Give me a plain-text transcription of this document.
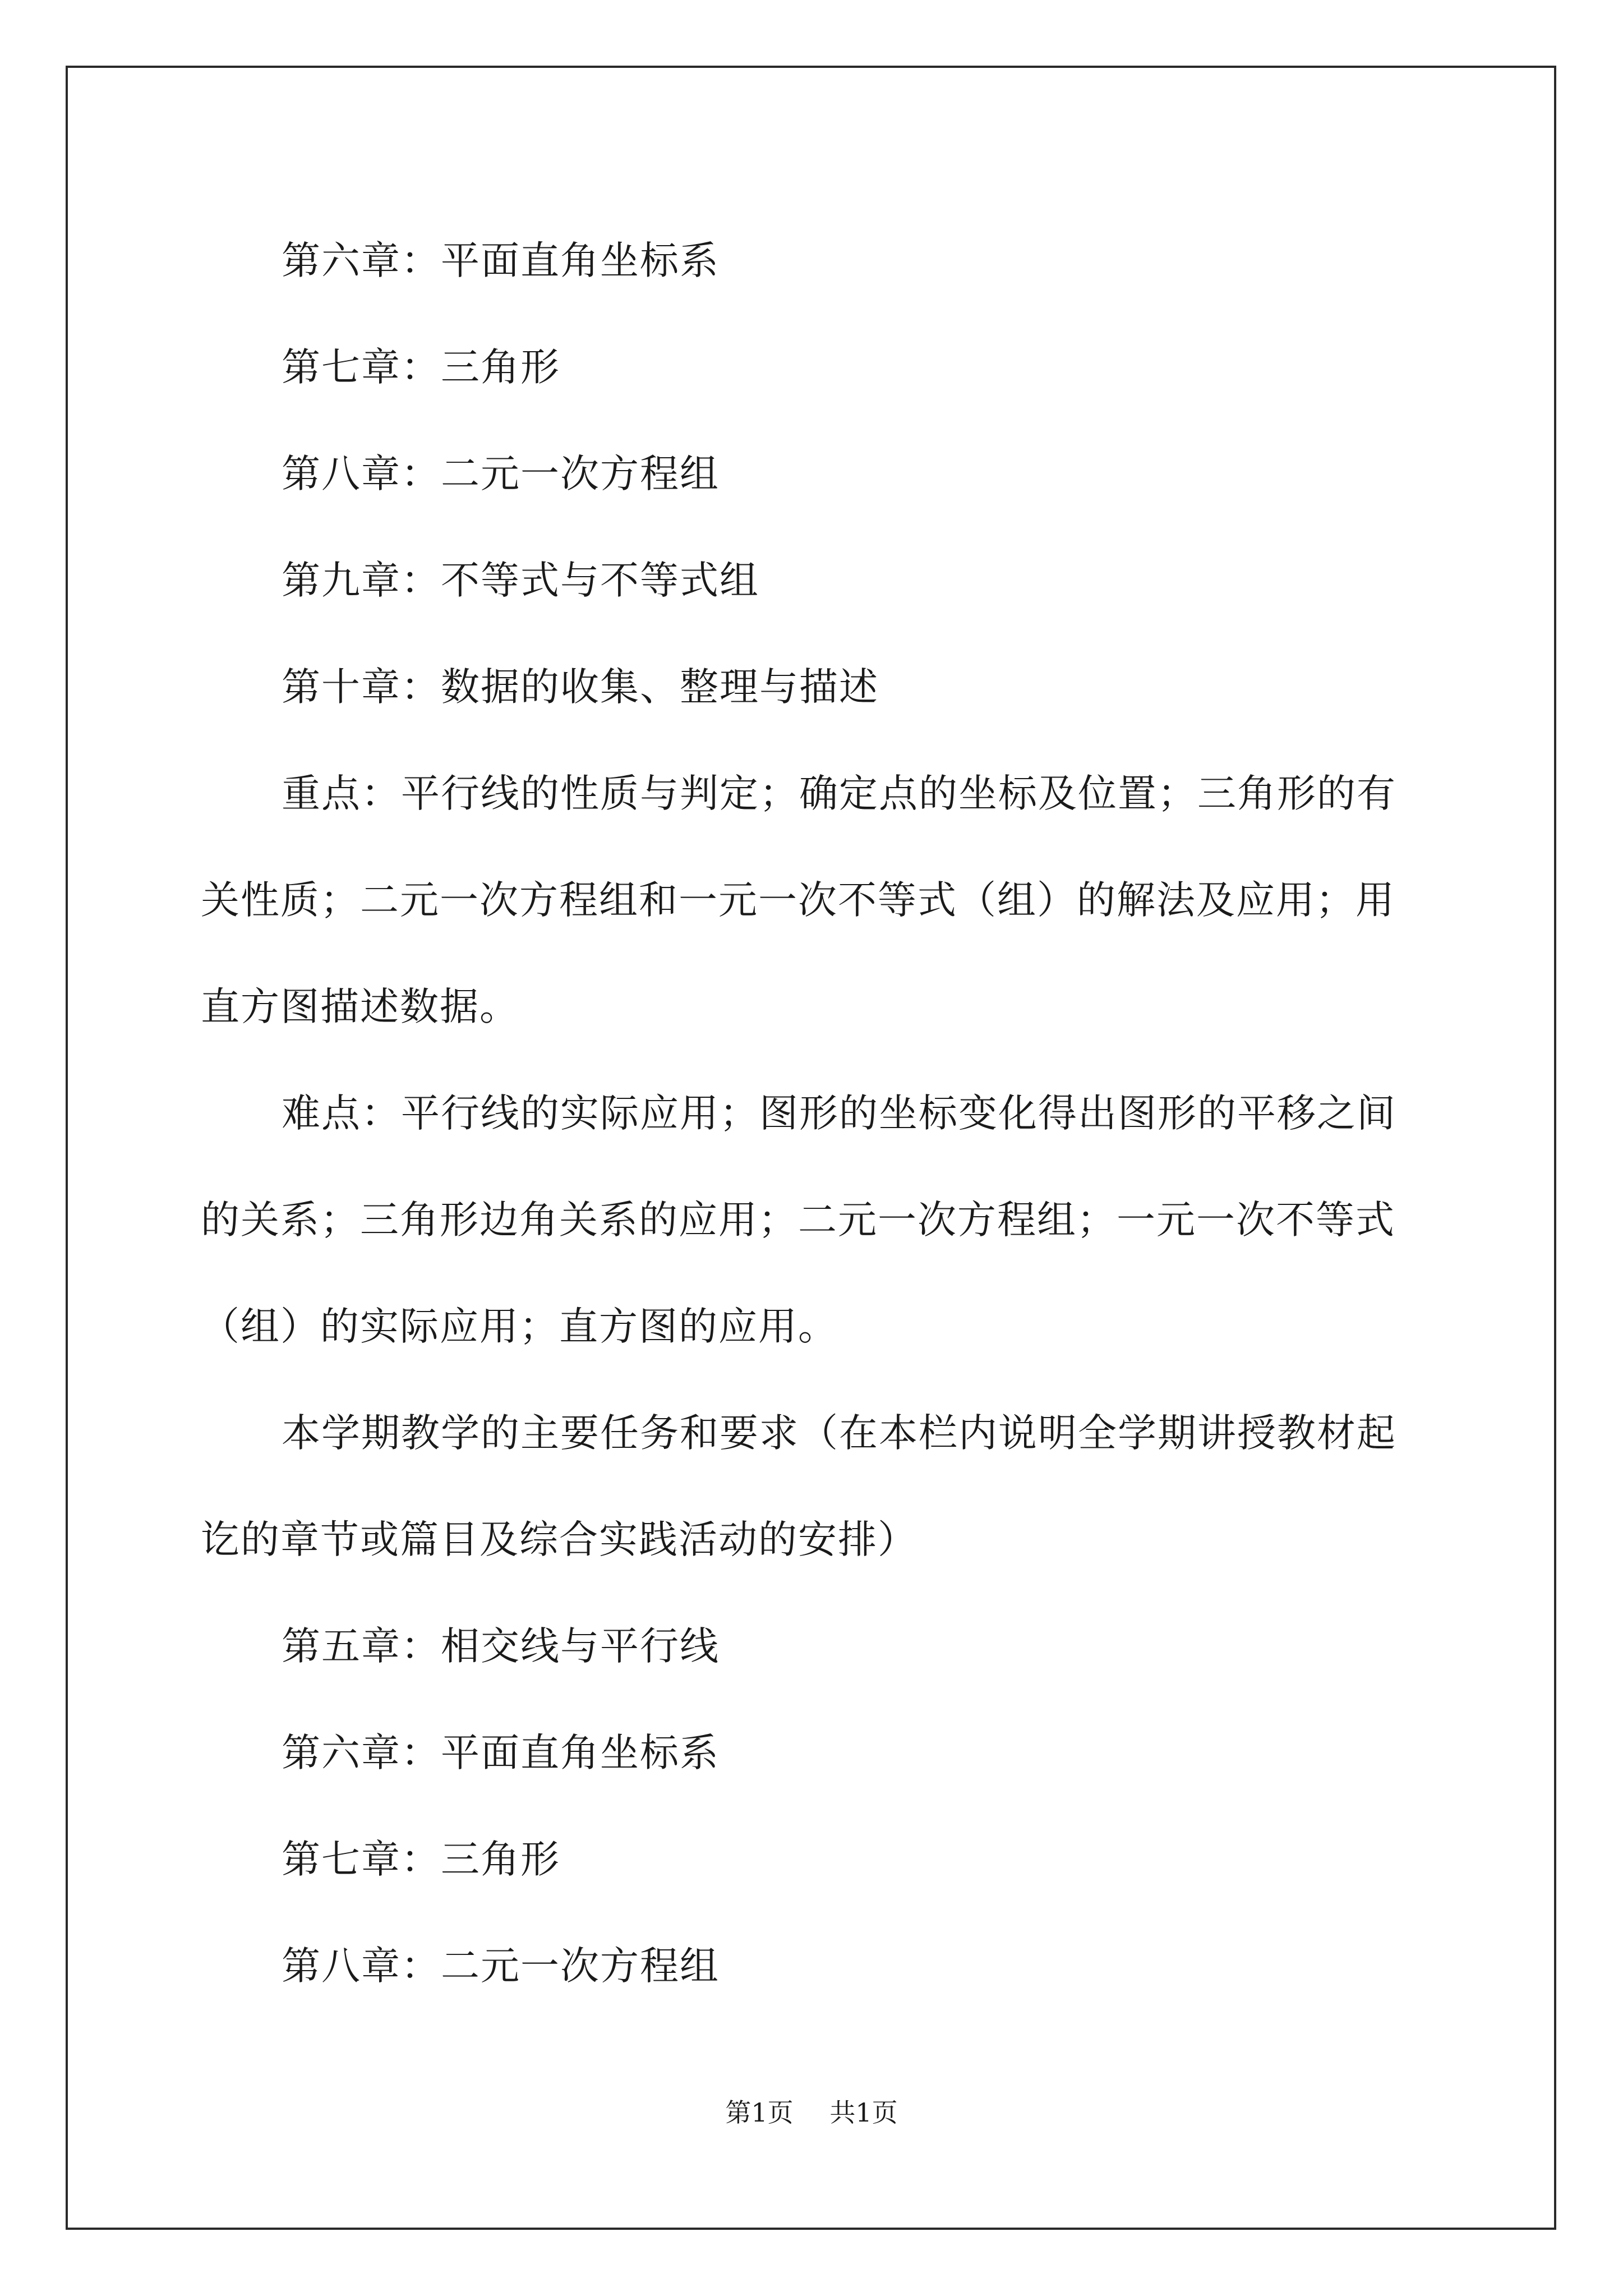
第六章：平面直角坐标系

第七章：三角形

第八章：二元一次方程组

第九章：不等式与不等式组

第十章：数据的收集、整理与描述

重点：平行线的性质与判定；确定点的坐标及位置；三角形的有关性质；二元一次方程组和一元一次不等式（组）的解法及应用；用直方图描述数据。

难点：平行线的实际应用；图形的坐标变化得出图形的平移之间的关系；三角形边角关系的应用；二元一次方程组；一元一次不等式（组）的实际应用；直方图的应用。

本学期教学的主要任务和要求（在本栏内说明全学期讲授教材起讫的章节或篇目及综合实践活动的安排）

第五章：相交线与平行线

第六章：平面直角坐标系

第七章：三角形

第八章：二元一次方程组

第1页 共1页
